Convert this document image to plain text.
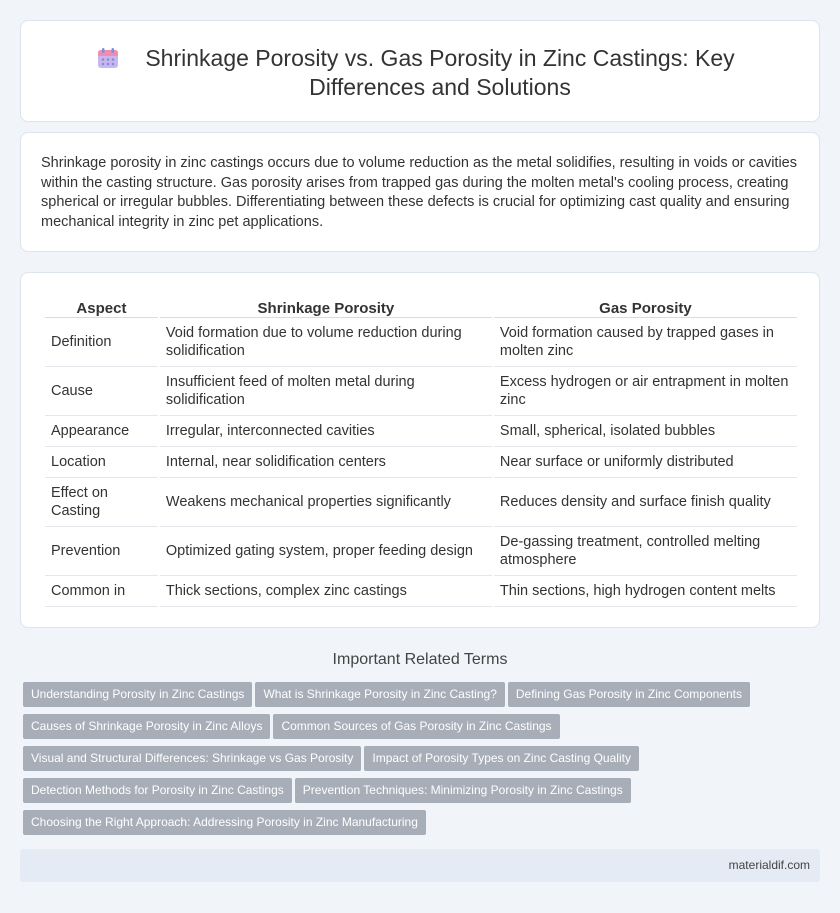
Shrinkage Porosity vs. Gas Porosity in Zinc Castings: Key Differences and Solutions

Shrinkage porosity in zinc castings occurs due to volume reduction as the metal solidifies, resulting in voids or cavities within the casting structure. Gas porosity arises from trapped gas during the molten metal's cooling process, creating spherical or irregular bubbles. Differentiating between these defects is crucial for optimizing cast quality and ensuring mechanical integrity in zinc pet applications.

Aspect	Shrinkage Porosity	Gas Porosity
Definition	Void formation due to volume reduction during solidification	Void formation caused by trapped gases in molten zinc
Cause	Insufficient feed of molten metal during solidification	Excess hydrogen or air entrapment in molten zinc
Appearance	Irregular, interconnected cavities	Small, spherical, isolated bubbles
Location	Internal, near solidification centers	Near surface or uniformly distributed
Effect on Casting	Weakens mechanical properties significantly	Reduces density and surface finish quality
Prevention	Optimized gating system, proper feeding design	De-gassing treatment, controlled melting atmosphere
Common in	Thick sections, complex zinc castings	Thin sections, high hydrogen content melts
Important Related Terms
Understanding Porosity in Zinc Castings What is Shrinkage Porosity in Zinc Casting? Defining Gas Porosity in Zinc Components
Causes of Shrinkage Porosity in Zinc Alloys Common Sources of Gas Porosity in Zinc Castings
Visual and Structural Differences: Shrinkage vs Gas Porosity Impact of Porosity Types on Zinc Casting Quality
Detection Methods for Porosity in Zinc Castings Prevention Techniques: Minimizing Porosity in Zinc Castings
Choosing the Right Approach: Addressing Porosity in Zinc Manufacturing
materialdif.com
